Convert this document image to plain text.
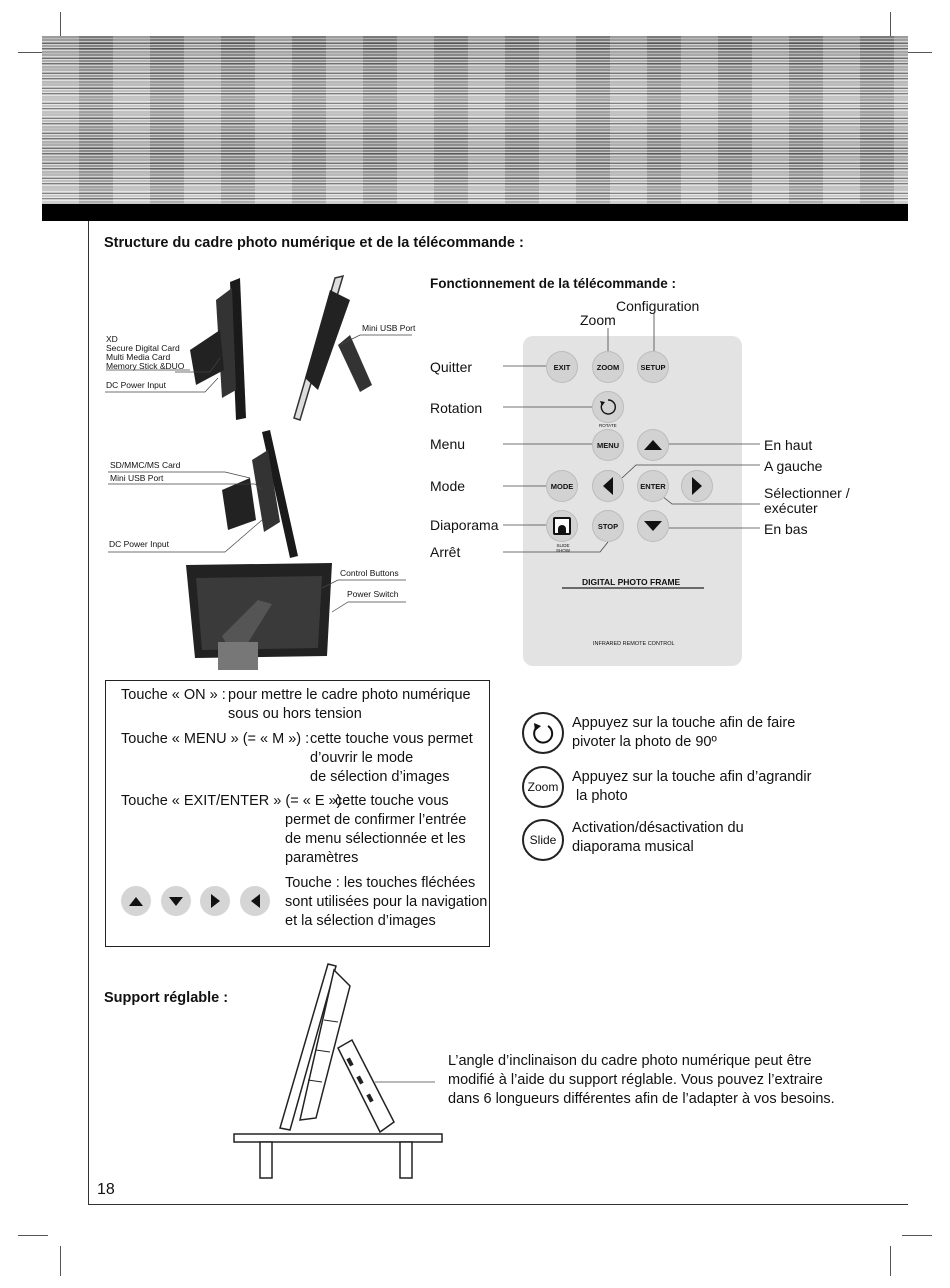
Structure du cadre photo numérique et de la télécommande :
XD
Secure Digital Card
Multi Media Card
Memory Stick &DUO
DC Power Input
Mini USB Port
SD/MMC/MS Card
Mini USB Port
DC Power Input
Control Buttons
Power Switch
Fonctionnement de la télécommande :
Configuration
Zoom
Quitter
Rotation
Menu
Mode
Diaporama
Arrêt
En haut
A gauche
Sélectionner /
exécuter
En bas
EXIT	ZOOM	SETUP
ROTATE
MENU
MODE	ENTER
SLIDE
SHOW
STOP
DIGITAL PHOTO FRAME
INFRARED REMOTE CONTROL
Touche « ON » : pour mettre le cadre photo numérique
sous ou hors tension
Touche « MENU » (= « M ») : cette touche vous permet
d’ouvrir le mode
de sélection d’images
Touche « EXIT/ENTER » (= « E ») :
cette touche vous
permet de confirmer l’entrée
de menu sélectionnée et les
paramètres
Touche : les touches fléchées
sont utilisées pour la navigation
et la sélection d’images
Appuyez sur la touche afin de faire
pivoter la photo de 90º
Zoom
Appuyez sur la touche afin d’agrandir
la photo
Slide
Activation/désactivation du
diaporama musical
Support réglable :
L’angle d’inclinaison du cadre photo numérique peut être
modifié à l’aide du support réglable. Vous pouvez l’extraire
dans 6 longueurs différentes afin de l’adapter à vos besoins.
18
